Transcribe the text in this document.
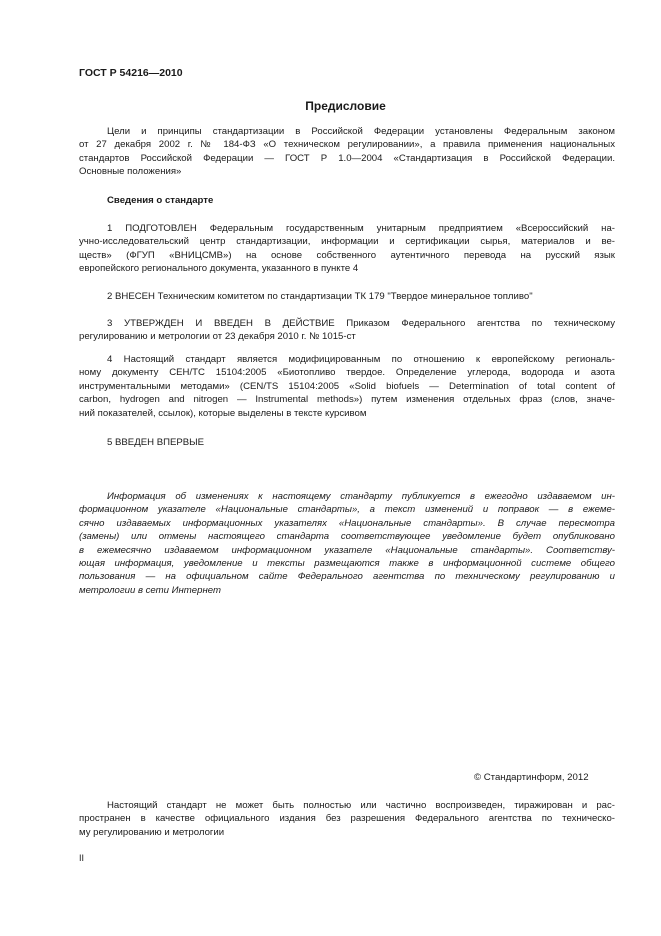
ГОСТ Р 54216—2010
Предисловие

Цели и принципы стандартизации в Российской Федерации установлены Федеральным законом

от 27 декабря 2002 г. № 184-ФЗ «О техническом регулировании», а правила применения национальных

стандартов Российской Федерации — ГОСТ Р 1.0—2004 «Стандартизация в Российской Федерации.

Основные положения»

Сведения о стандарте

1 ПОДГОТОВЛЕН Федеральным государственным унитарным предприятием «Всероссийский на-

учно-исследовательский центр стандартизации, информации и сертификации сырья, материалов и ве-

ществ» (ФГУП «ВНИЦСМВ») на основе собственного аутентичного перевода на русский язык

европейского регионального документа, указанного в пункте 4

2 ВНЕСЕН Техническим комитетом по стандартизации ТК 179 "Твердое минеральное топливо"

3 УТВЕРЖДЕН И ВВЕДЕН В ДЕЙСТВИЕ Приказом Федерального агентства по техническому

регулированию и метрологии от 23 декабря 2010 г. № 1015-ст

4 Настоящий стандарт является модифицированным по отношению к европейскому региональ-

ному документу CEH/TC 15104:2005 «Биотопливо твердое. Определение углерода, водорода и азота

инструментальными методами» (CEN/TS 15104:2005 «Solid biofuels — Determination of total content of

carbon, hydrogen and nitrogen — Instrumental methods») путем изменения отдельных фраз (слов, значе-

ний показателей, ссылок), которые выделены в тексте курсивом

5 ВВЕДЕН ВПЕРВЫЕ

Информация об изменениях к настоящему стандарту публикуется в ежегодно издаваемом ин-

формационном указателе «Национальные стандарты», а текст изменений и поправок — в ежеме-

сячно издаваемых информационных указателях «Национальные стандарты». В случае пересмотра

(замены) или отмены настоящего стандарта соответствующее уведомление будет опубликовано

в ежемесячно издаваемом информационном указателе «Национальные стандарты». Соответству-

ющая информация, уведомление и тексты размещаются также в информационной системе общего

пользования — на официальном сайте Федерального агентства по техническому регулированию и

метрологии в сети Интернет

© Стандартинформ, 2012

Настоящий стандарт не может быть полностью или частично воспроизведен, тиражирован и рас-

пространен в качестве официального издания без разрешения Федерального агентства по техническо-

му регулированию и метрологии

II
